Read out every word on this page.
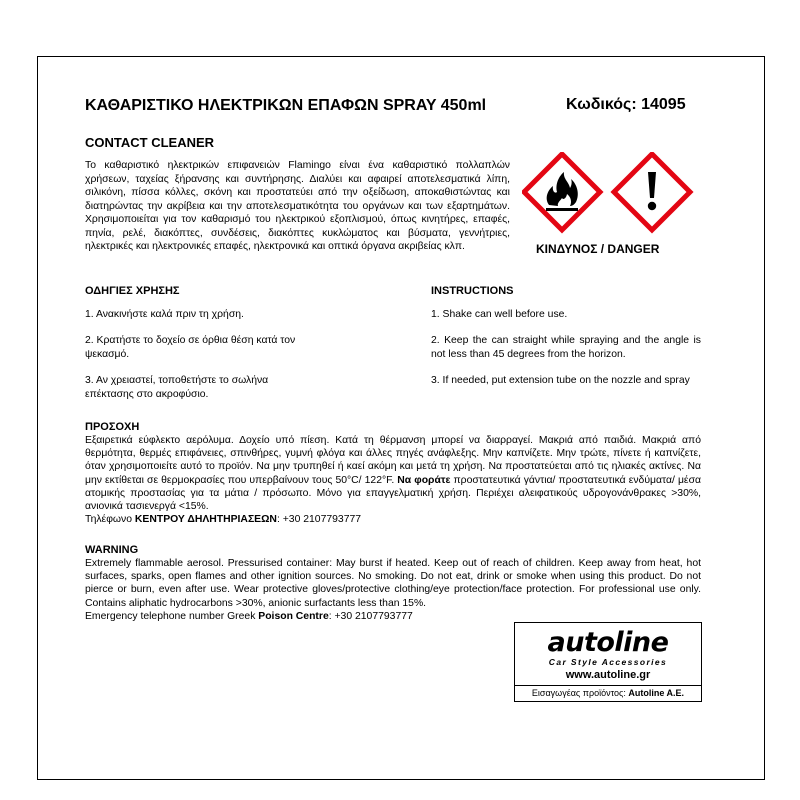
ΚΑΘΑΡΙΣΤΙΚΟ ΗΛΕΚΤΡΙΚΩΝ ΕΠΑΦΩΝ SPRAY 450ml	Κωδικός: 14095
CONTACT CLEANER
Το καθαριστικό ηλεκτρικών επιφανειών Flamingo είναι ένα καθαριστικό πολλαπλών χρήσεων, ταχείας ξήρανσης και συντήρησης. Διαλύει και αφαιρεί αποτελεσματικά λίπη, σιλικόνη, πίσσα κόλλες, σκόνη και προστατεύει από την οξείδωση, αποκαθιστώντας και διατηρώντας την ακρίβεια και την αποτελεσματικότητα του οργάνων και των εξαρτημάτων. Χρησιμοποιείται για τον καθαρισμό του ηλεκτρικού εξοπλισμού, όπως κινητήρες, επαφές, πηνία, ρελέ, διακόπτες, συνδέσεις, διακόπτες κυκλώματος και βύσματα, γεννήτριες, ηλεκτρικές και ηλεκτρονικές επαφές, ηλεκτρονικά και οπτικά όργανα ακριβείας κλπ.	ΚΙΝΔΥΝΟΣ / DANGER
ΟΔΗΓΙΕΣ ΧΡΗΣΗΣ
1. Ανακινήστε καλά πριν τη χρήση.
2. Κρατήστε το δοχείο σε όρθια θέση κατά τον ψεκασμό.
3. Αν χρειαστεί, τοποθετήστε το σωλήνα επέκτασης στο ακροφύσιο.
INSTRUCTIONS
1. Shake can well before use.
2. Keep the can straight while spraying and the angle is not less than 45 degrees from the horizon.
3. If needed, put extension tube on the nozzle and spray
ΠΡΟΣΟΧΗ
Εξαιρετικά εύφλεκτο αερόλυμα. Δοχείο υπό πίεση. Κατά τη θέρμανση μπορεί να διαρραγεί. Μακριά από παιδιά. Μακριά από θερμότητα, θερμές επιφάνειες, σπινθήρες, γυμνή φλόγα και άλλες πηγές ανάφλεξης. Μην καπνίζετε. Μην τρώτε, πίνετε ή καπνίζετε, όταν χρησιμοποιείτε αυτό το προϊόν. Να μην τρυπηθεί ή καεί ακόμη και μετά τη χρήση. Να προστατεύεται από τις ηλιακές ακτίνες. Να μην εκτίθεται σε θερμοκρασίες που υπερβαίνουν τους 50°C/ 122°F. Να φοράτε προστατευτικά γάντια/ προστατευτικά ενδύματα/ μέσα ατομικής προστασίας για τα μάτια / πρόσωπο. Μόνο για επαγγελματική χρήση. Περιέχει αλειφατικούς υδρογονάνθρακες >30%, ανιονικά τασιενεργά <15%.
Τηλέφωνο ΚΕΝΤΡΟΥ ΔΗΛΗΤΗΡΙΑΣΕΩΝ: +30 2107793777
WARNING
Extremely flammable aerosol. Pressurised container: May burst if heated. Keep out of reach of children. Keep away from heat, hot surfaces, sparks, open flames and other ignition sources. No smoking. Do not eat, drink or smoke when using this product. Do not pierce or burn, even after use. Wear protective gloves/protective clothing/eye protection/face protection. For professional use only. Contains aliphatic hydrocarbons >30%, anionic surfactants less than 15%.
Emergency telephone number Greek Poison Centre: +30 2107793777
autoline
Car Style Accessories
www.autoline.gr
Εισαγωγέας προϊόντος: Autoline A.E.
